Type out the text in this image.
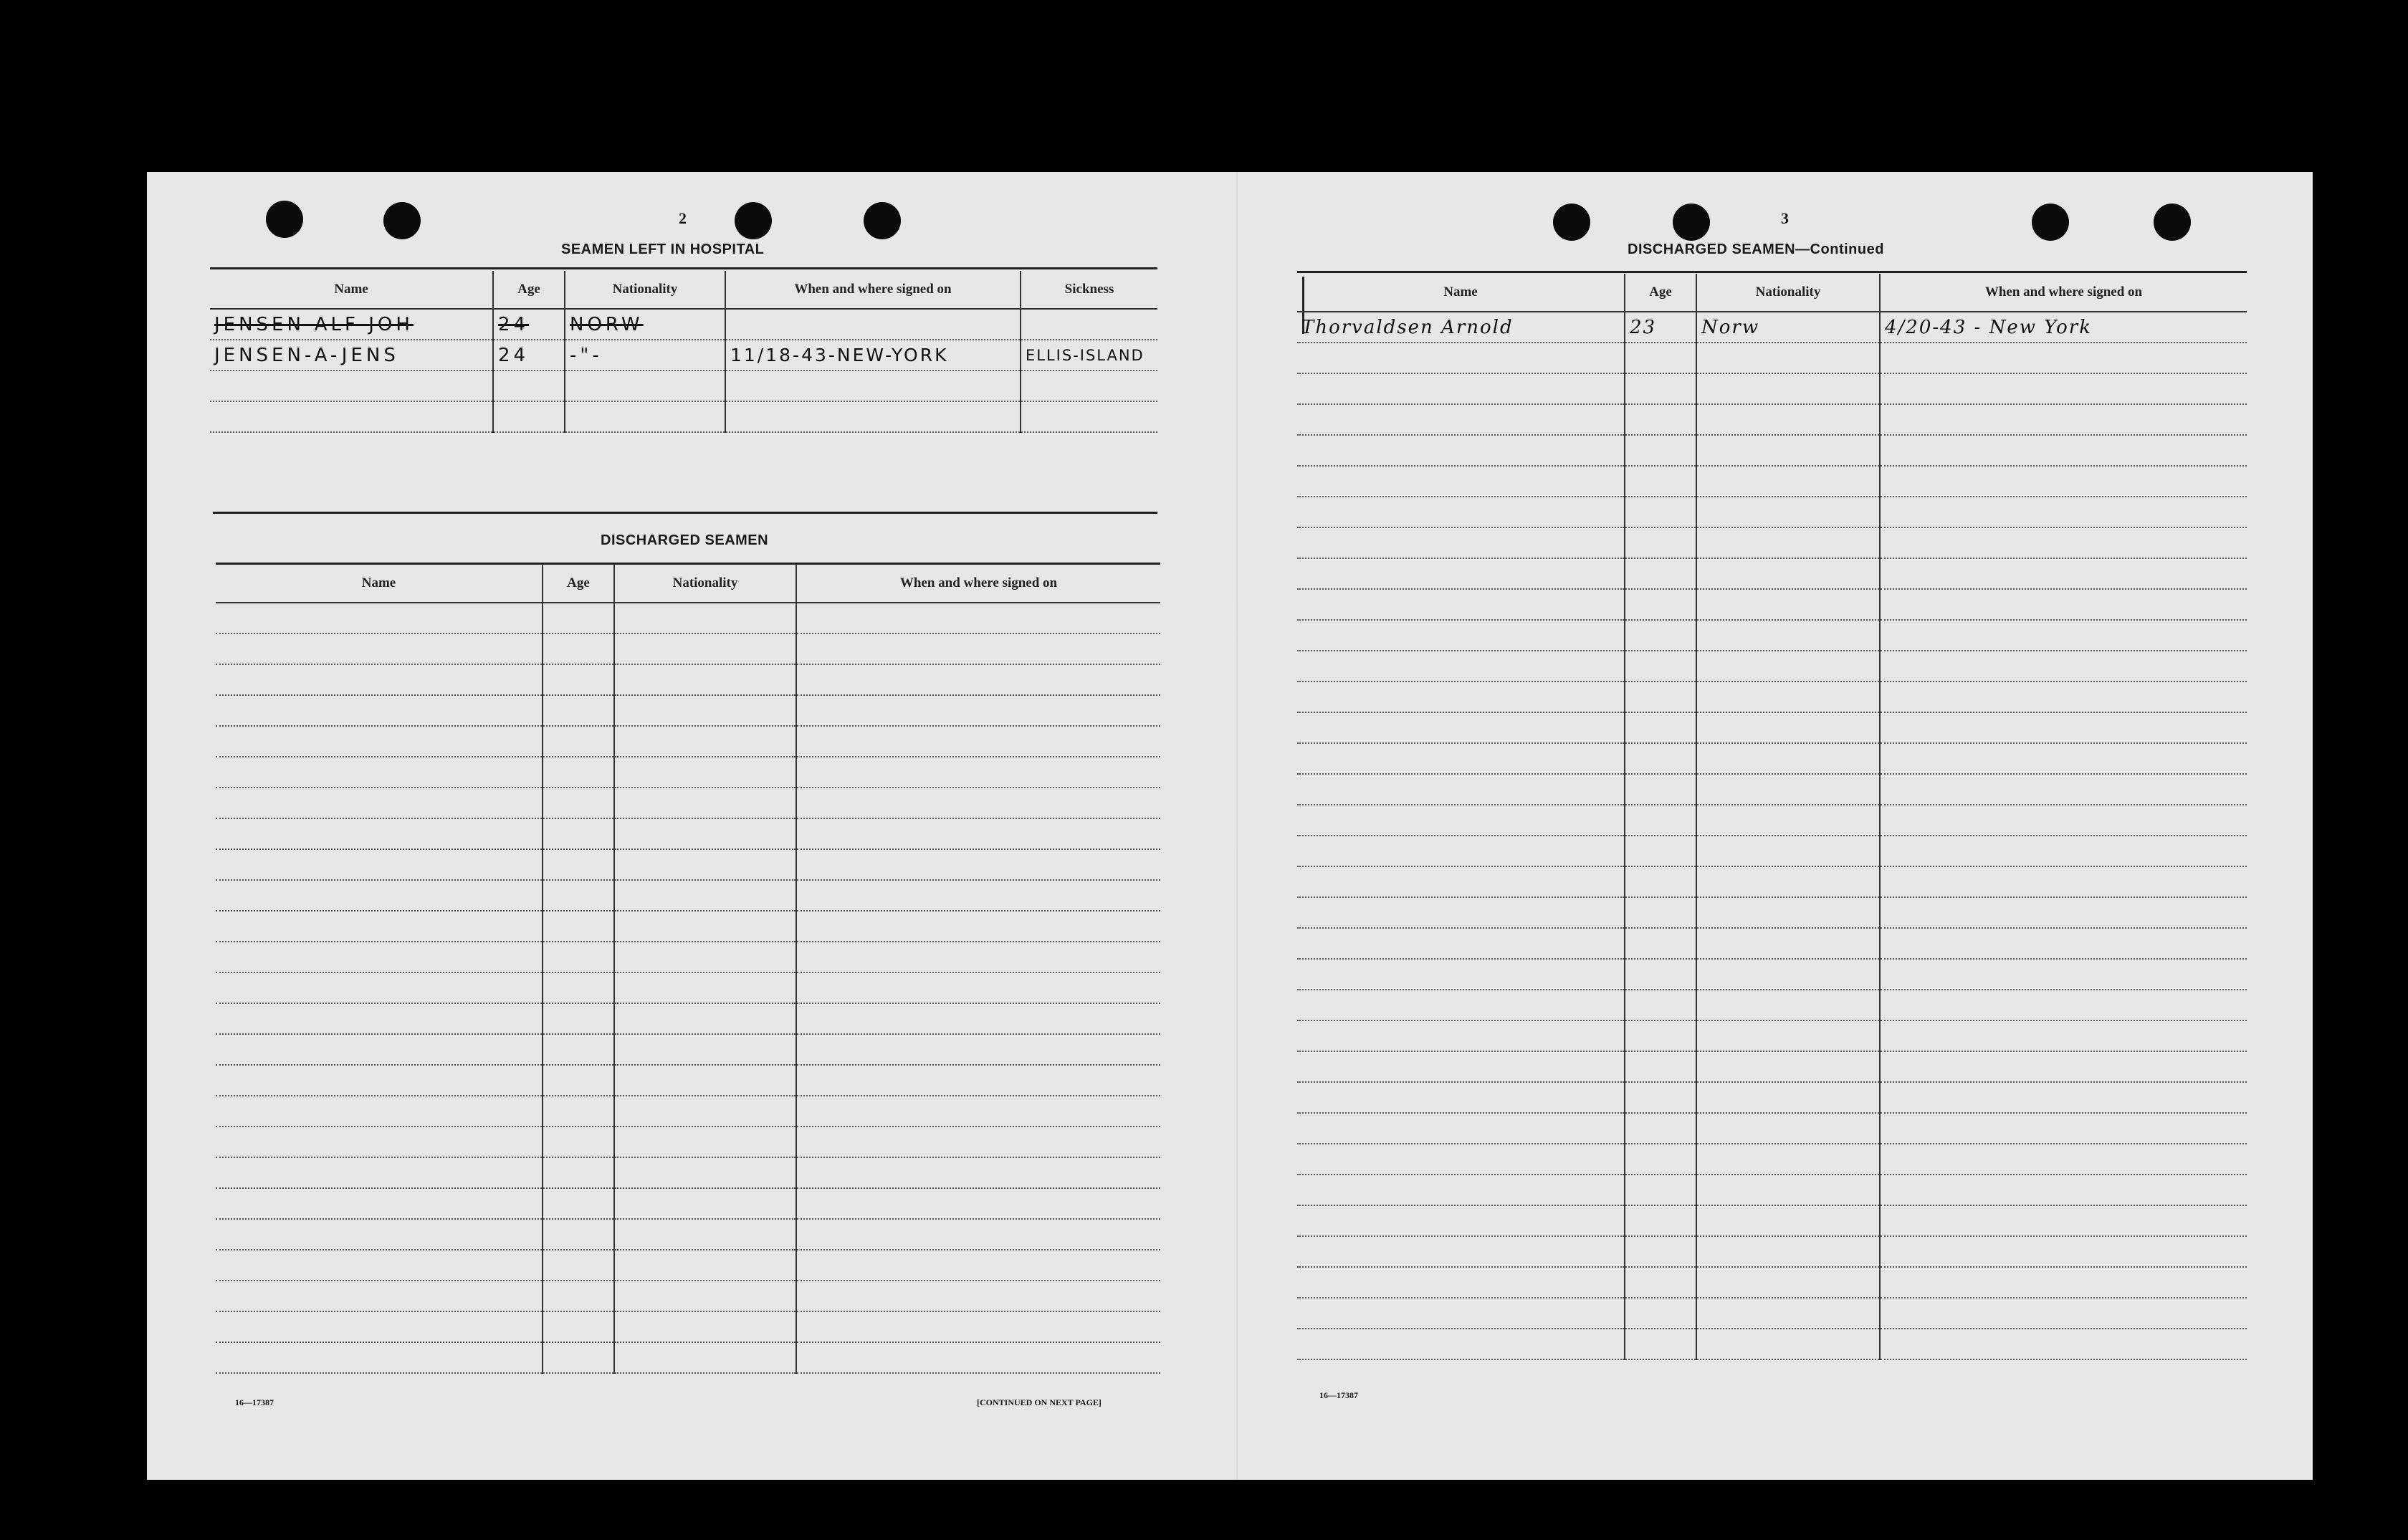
2
SEAMEN LEFT IN HOSPITAL
Name	Age	Nationality	When and where signed on	Sickness
JENSEN-ALF JOH	24	NORW		
JENSEN-A-JENS	24	-"-	11/18-43-NEW-YORK	ELLIS-ISLAND

DISCHARGED SEAMEN
Name	Age	Nationality	When and where signed on

16—17387	[CONTINUED ON NEXT PAGE]
3
DISCHARGED SEAMEN—Continued
Name	Age	Nationality	When and where signed on
Thorvaldsen Arnold	23	Norw	4/20-43 - New York

16—17387
